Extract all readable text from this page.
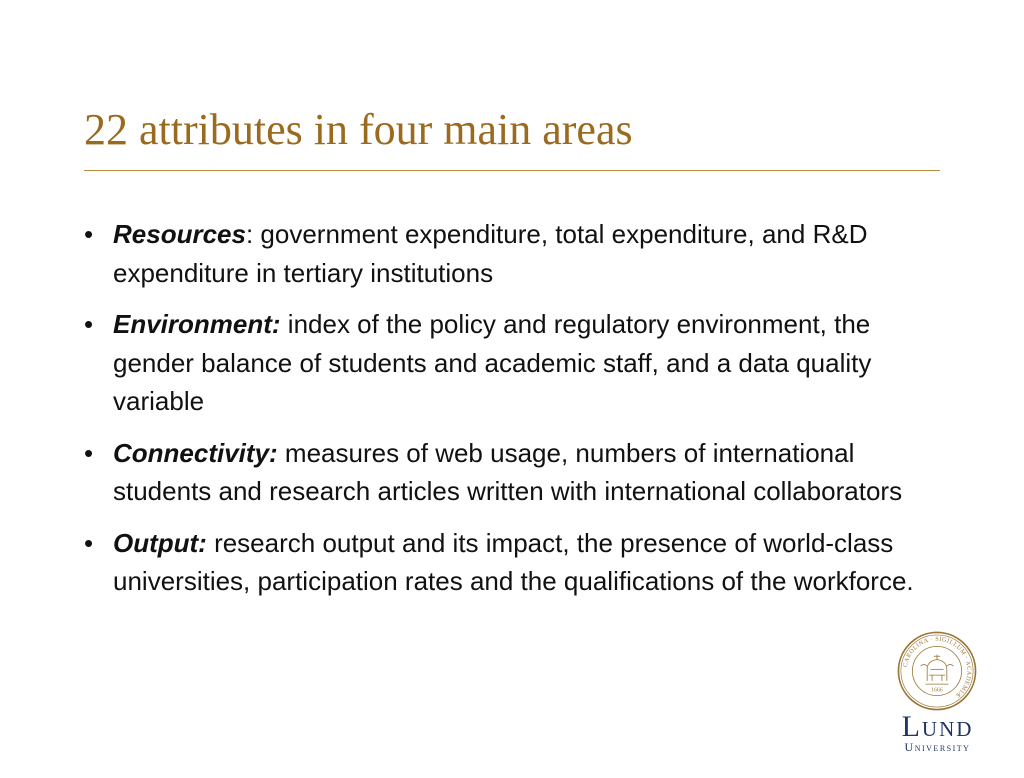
22 attributes in four main areas
• Resources: government expenditure, total expenditure, and R&D expenditure in tertiary institutions
• Environment: index of the policy and regulatory environment, the gender balance of students and academic staff, and a data quality variable
• Connectivity: measures of web usage, numbers of international students and research articles written with international collaborators
• Output: research output and its impact, the presence of world-class universities, participation rates and the qualifications of the workforce.
CAROLINA · SIGILLUM · ACADEMIÆ
1666
Lund
University
